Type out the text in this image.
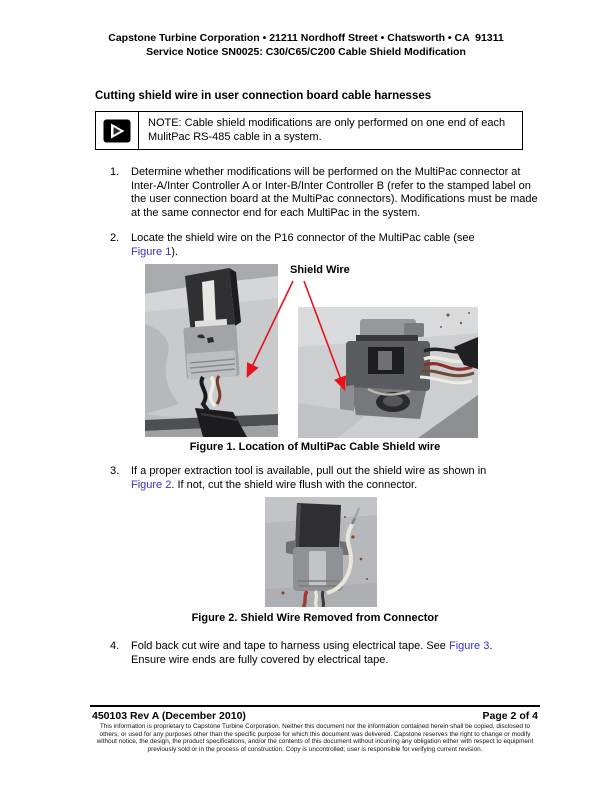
Capstone Turbine Corporation • 21211 Nordhoff Street • Chatsworth • CA  91311
Service Notice SN0025: C30/C65/C200 Cable Shield Modification
Cutting shield wire in user connection board cable harnesses
NOTE: Cable shield modifications are only performed on one end of each MulitPac RS-485 cable in a system.
1.	Determine whether modifications will be performed on the MultiPac connector at Inter-A/Inter Controller A or Inter-B/Inter Controller B (refer to the stamped label on the user connection board at the MultiPac connectors). Modifications must be made at the same connector end for each MultiPac in the system.
2.	Locate the shield wire on the P16 connector of the MultiPac cable (see
Figure 1).
Shield Wire
Figure 1. Location of MultiPac Cable Shield wire
3.	If a proper extraction tool is available, pull out the shield wire as shown in
Figure 2. If not, cut the shield wire flush with the connector.
Figure 2. Shield Wire Removed from Connector
4.	Fold back cut wire and tape to harness using electrical tape. See Figure 3.
Ensure wire ends are fully covered by electrical tape.
450103 Rev A (December 2010)	Page 2 of 4
This information is proprietary to Capstone Turbine Corporation. Neither this document nor the information contained herein shall be copied, disclosed to others, or used for any purposes other than the specific purpose for which this document was delivered. Capstone reserves the right to change or modify without notice, the design, the product specifications, and/or the contents of this document without incurring any obligation either with respect to equipment previously sold or in the process of construction. Copy is uncontrolled; user is responsible for verifying current revision.
